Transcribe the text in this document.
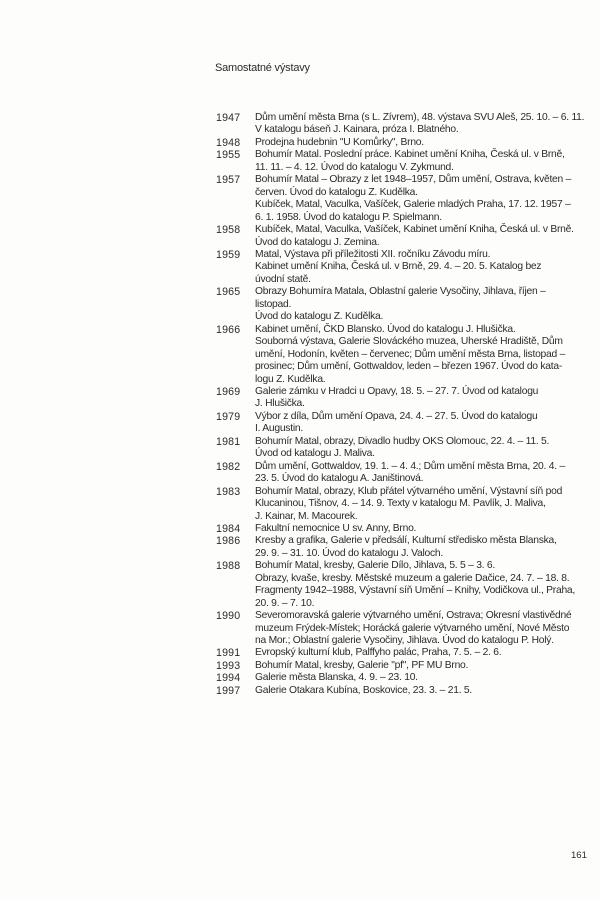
Samostatné výstavy
1947	Dům umění města Brna (s L. Zívrem), 48. výstava SVU Aleš, 25. 10. – 6. 11.
V katalogu báseň J. Kainara, próza I. Blatného.
1948	Prodejna hudebnin "U Komůrky", Brno.
1955	Bohumír Matal. Poslední práce. Kabinet umění Kniha, Česká ul. v Brně,
11. 11. – 4. 12. Úvod do katalogu V. Zykmund.
1957	Bohumír Matal – Obrazy z let 1948–1957, Dům umění, Ostrava, květen –
červen. Úvod do katalogu Z. Kudělka.
Kubíček, Matal, Vaculka, Vašíček, Galerie mladých Praha, 17. 12. 1957 –
6. 1. 1958. Úvod do katalogu P. Spielmann.
1958	Kubíček, Matal, Vaculka, Vašíček, Kabinet umění Kniha, Česká ul. v Brně.
Úvod do katalogu J. Zemina.
1959	Matal, Výstava při příležitosti XII. ročníku Závodu míru.
Kabinet umění Kniha, Česká ul. v Brně, 29. 4. – 20. 5. Katalog bez
úvodní statě.
1965	Obrazy Bohumíra Matala, Oblastní galerie Vysočiny, Jihlava, říjen –
listopad.
Úvod do katalogu Z. Kudělka.
1966	Kabinet umění, ČKD Blansko. Úvod do katalogu J. Hlušička.
Souborná výstava, Galerie Slováckého muzea, Uherské Hradiště, Dům
umění, Hodonín, květen – červenec; Dům umění města Brna, listopad –
prosinec; Dům umění, Gottwaldov, leden – březen 1967. Úvod do kata-
logu Z. Kudělka.
1969	Galerie zámku v Hradci u Opavy, 18. 5. – 27. 7. Úvod od katalogu
J. Hlušička.
1979	Výbor z díla, Dům umění Opava, 24. 4. – 27. 5. Úvod do katalogu
I. Augustin.
1981	Bohumír Matal, obrazy, Divadlo hudby OKS Olomouc, 22. 4. – 11. 5.
Úvod od katalogu J. Maliva.
1982	Dům umění, Gottwaldov, 19. 1. – 4. 4.; Dům umění města Brna, 20. 4. –
23. 5. Úvod do katalogu A. Janištinová.
1983	Bohumír Matal, obrazy, Klub přátel výtvarného umění, Výstavní síň pod
Klucaninou, Tišnov, 4. – 14. 9. Texty v katalogu M. Pavlík, J. Maliva,
J. Kainar, M. Macourek.
1984	Fakultní nemocnice U sv. Anny, Brno.
1986	Kresby a grafika, Galerie v předsálí, Kulturní středisko města Blanska,
29. 9. – 31. 10. Úvod do katalogu J. Valoch.
1988	Bohumír Matal, kresby, Galerie Dílo, Jihlava, 5. 5 – 3. 6.
Obrazy, kvaše, kresby. Městské muzeum a galerie Dačice, 24. 7. – 18. 8.
Fragmenty 1942–1988, Výstavní síň Umění – Knihy, Vodičkova ul., Praha,
20. 9. – 7. 10.
1990	Severomoravská galerie výtvarného umění, Ostrava; Okresní vlastivědné
muzeum Frýdek-Místek; Horácká galerie výtvarného umění, Nové Město
na Mor.; Oblastní galerie Vysočiny, Jihlava. Úvod do katalogu P. Holý.
1991	Evropský kulturní klub, Palffyho palác, Praha, 7. 5. – 2. 6.
1993	Bohumír Matal, kresby, Galerie "pf", PF MU Brno.
1994	Galerie města Blanska, 4. 9. – 23. 10.
1997	Galerie Otakara Kubína, Boskovice, 23. 3. – 21. 5.
161
